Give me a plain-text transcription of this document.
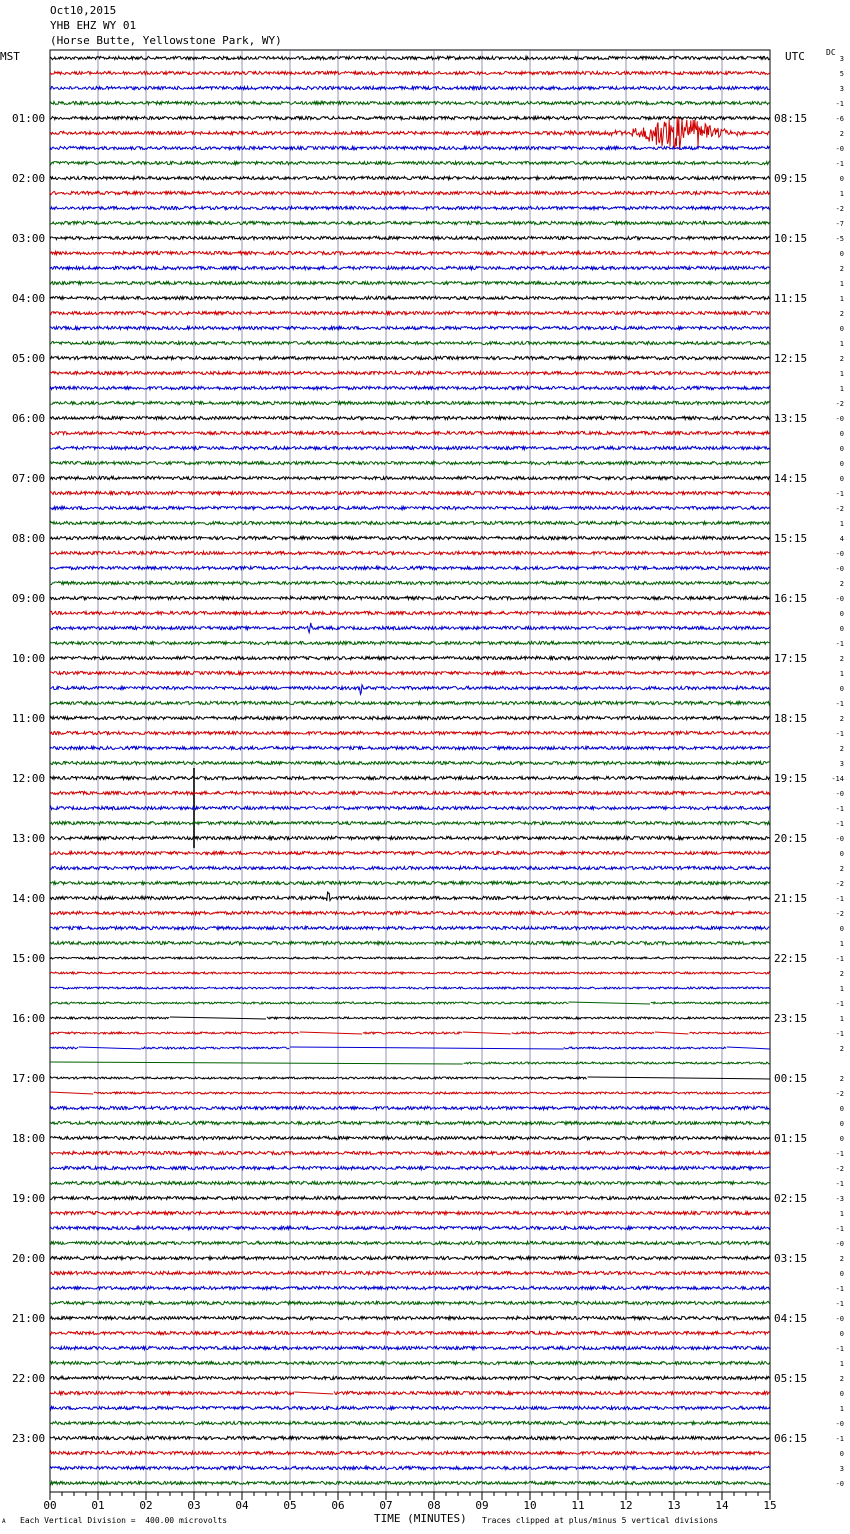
Oct10,2015
YHB EHZ WY 01
(Horse Butte, Yellowstone Park, WY)
MST	UTC	DC
3
5
3
-1
-6
2
-0
-1
0
1
-2
-7
-5
0
2
1
1
2
0
1
2
1
1
-2
-0
0
0
0
0
-1
-2
1
4
-0
-0
2
-0
0
0
-1
2
1
0
-1
2
-1
2
3
-14
-0
-1
-1
-0
0
2
-2
-1
-2
0
1
-1
2
1
-1
1
-1
2
2
-2
0
0
0
-1
-2
-1
-3
1
-1
-0
2
0
-1
-1
-0
0
-1
1
2
0
1
-0
-1
0
3
-0
01:00
02:00
03:00
04:00
05:00
06:00
07:00
08:00
09:00
10:00
11:00
12:00
13:00
14:00
15:00
16:00
17:00
18:00
19:00
20:00
21:00
22:00
23:00
08:15
09:15
10:15
11:15
12:15
13:15
14:15
15:15
16:15
17:15
18:15
19:15
20:15
21:15
22:15
23:15
00:15
01:15
02:15
03:15
04:15
05:15
06:15
00	01	02	03	04	05	06	07	08	09	10	11	12	13	14	15
TIME (MINUTES)
Each Vertical Division =  400.00 microvolts	Traces clipped at plus/minus 5 vertical divisions
A
